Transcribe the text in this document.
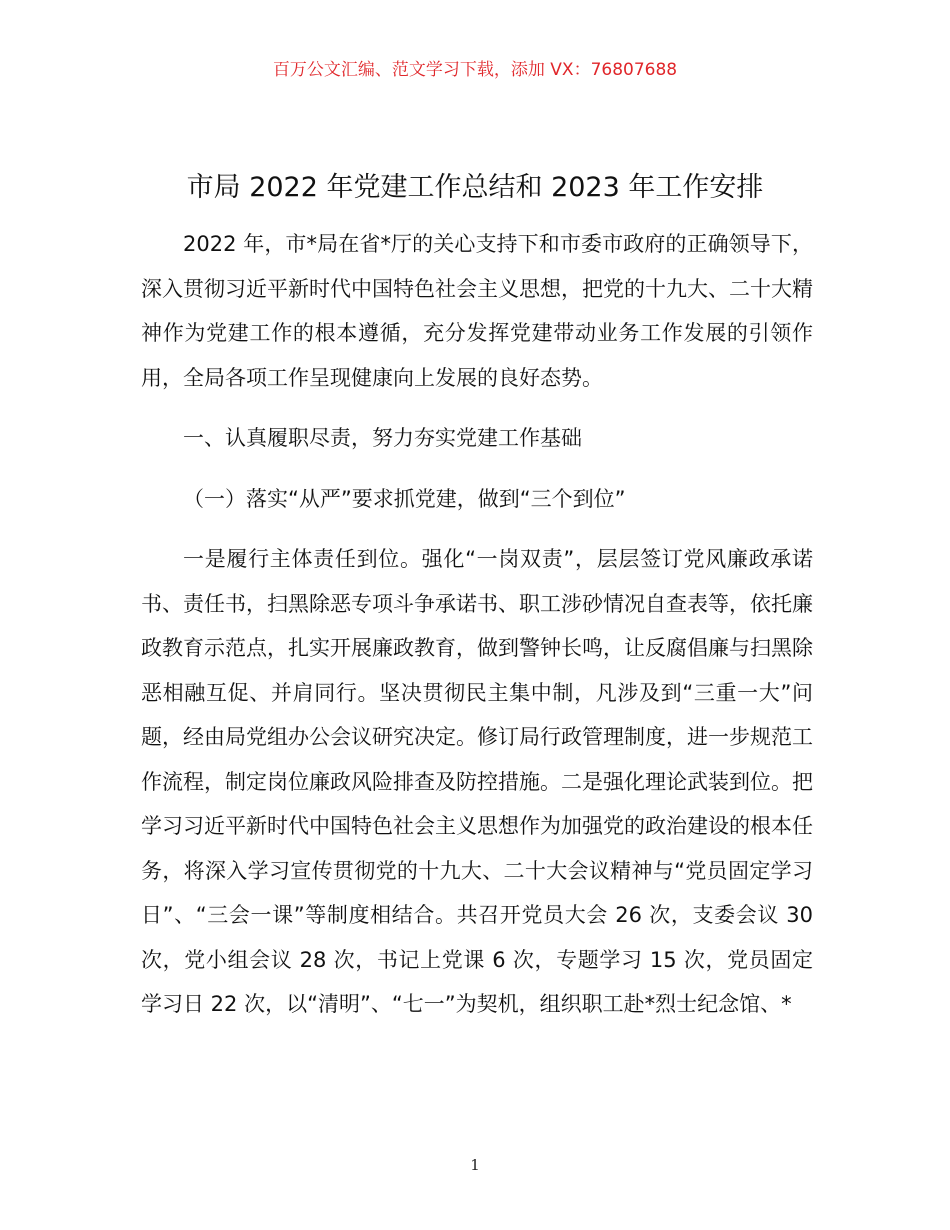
百万公文汇编、范文学习下载，添加 VX：76807688
市局 2022 年党建工作总结和 2023 年工作安排

2022 年，市*局在省*厅的关心支持下和市委市政府的正确领导下，深入贯彻习近平新时代中国特色社会主义思想，把党的十九大、二十大精神作为党建工作的根本遵循，充分发挥党建带动业务工作发展的引领作用，全局各项工作呈现健康向上发展的良好态势。

一、认真履职尽责，努力夯实党建工作基础

（一）落实“从严”要求抓党建，做到“三个到位”

一是履行主体责任到位。强化“一岗双责”，层层签订党风廉政承诺书、责任书，扫黑除恶专项斗争承诺书、职工涉砂情况自查表等，依托廉政教育示范点，扎实开展廉政教育，做到警钟长鸣，让反腐倡廉与扫黑除恶相融互促、并肩同行。坚决贯彻民主集中制，凡涉及到“三重一大”问题，经由局党组办公会议研究决定。修订局行政管理制度，进一步规范工作流程，制定岗位廉政风险排查及防控措施。二是强化理论武装到位。把学习习近平新时代中国特色社会主义思想作为加强党的政治建设的根本任务，将深入学习宣传贯彻党的十九大、二十大会议精神与“党员固定学习日”、“三会一课”等制度相结合。共召开党员大会 26 次，支委会议 30 次，党小组会议 28 次，书记上党课 6 次，专题学习 15 次，党员固定学习日 22 次，以“清明”、“七一”为契机，组织职工赴*烈士纪念馆、*

1
